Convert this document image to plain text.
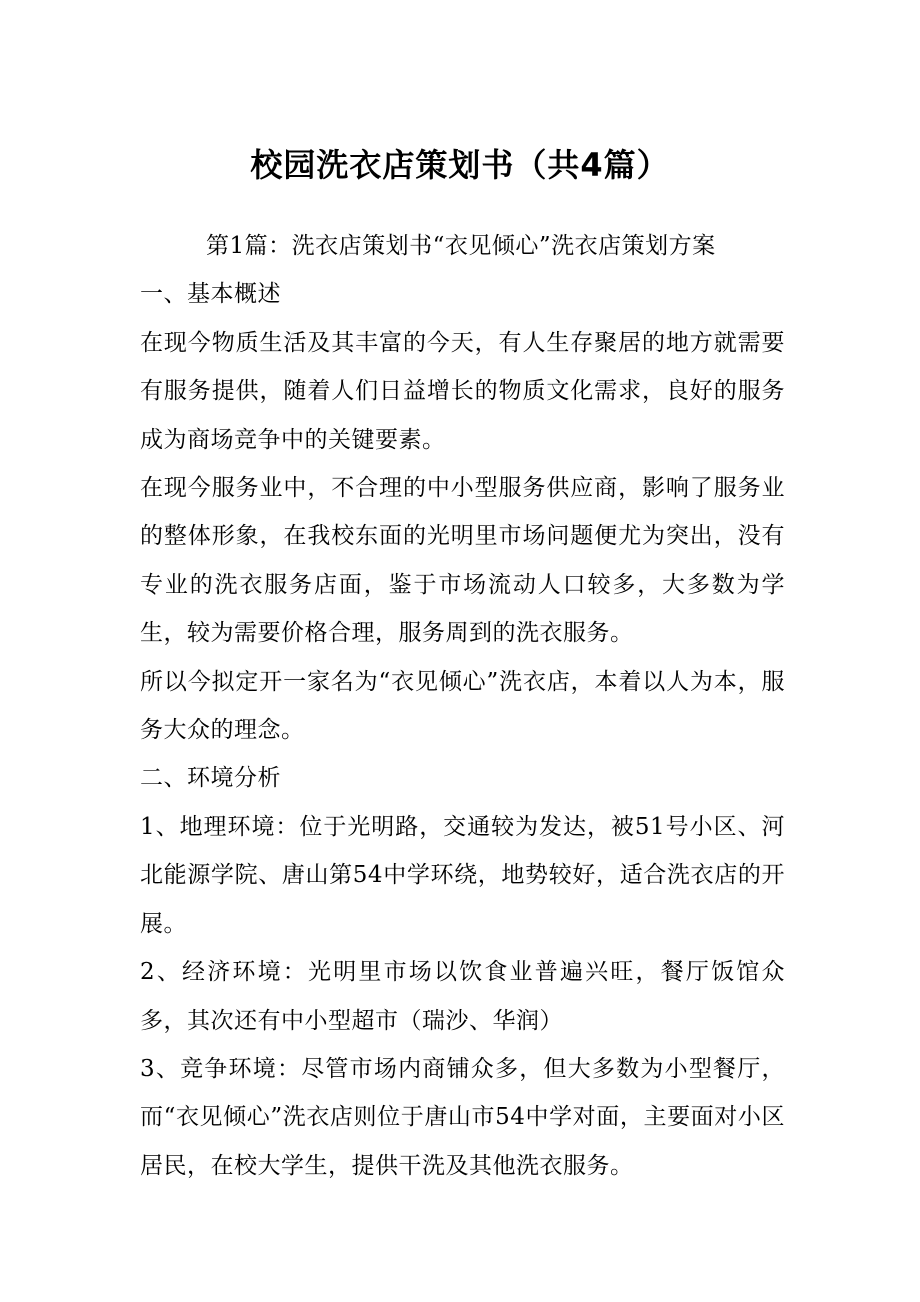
校园洗衣店策划书（共4篇）

第1篇：洗衣店策划书“衣见倾心”洗衣店策划方案

一、基本概述

在现今物质生活及其丰富的今天，有人生存聚居的地方就需要有服务提供，随着人们日益增长的物质文化需求，良好的服务成为商场竞争中的关键要素。

在现今服务业中，不合理的中小型服务供应商，影响了服务业的整体形象，在我校东面的光明里市场问题便尤为突出，没有专业的洗衣服务店面，鉴于市场流动人口较多，大多数为学生，较为需要价格合理，服务周到的洗衣服务。

所以今拟定开一家名为“衣见倾心”洗衣店，本着以人为本，服务大众的理念。

二、环境分析

1、地理环境：位于光明路，交通较为发达，被51号小区、河北能源学院、唐山第54中学环绕，地势较好，适合洗衣店的开展。

2、经济环境：光明里市场以饮食业普遍兴旺，餐厅饭馆众多，其次还有中小型超市（瑞沙、华润）

3、竞争环境：尽管市场内商铺众多，但大多数为小型餐厅，而“衣见倾心”洗衣店则位于唐山市54中学对面，主要面对小区居民，在校大学生，提供干洗及其他洗衣服务。
